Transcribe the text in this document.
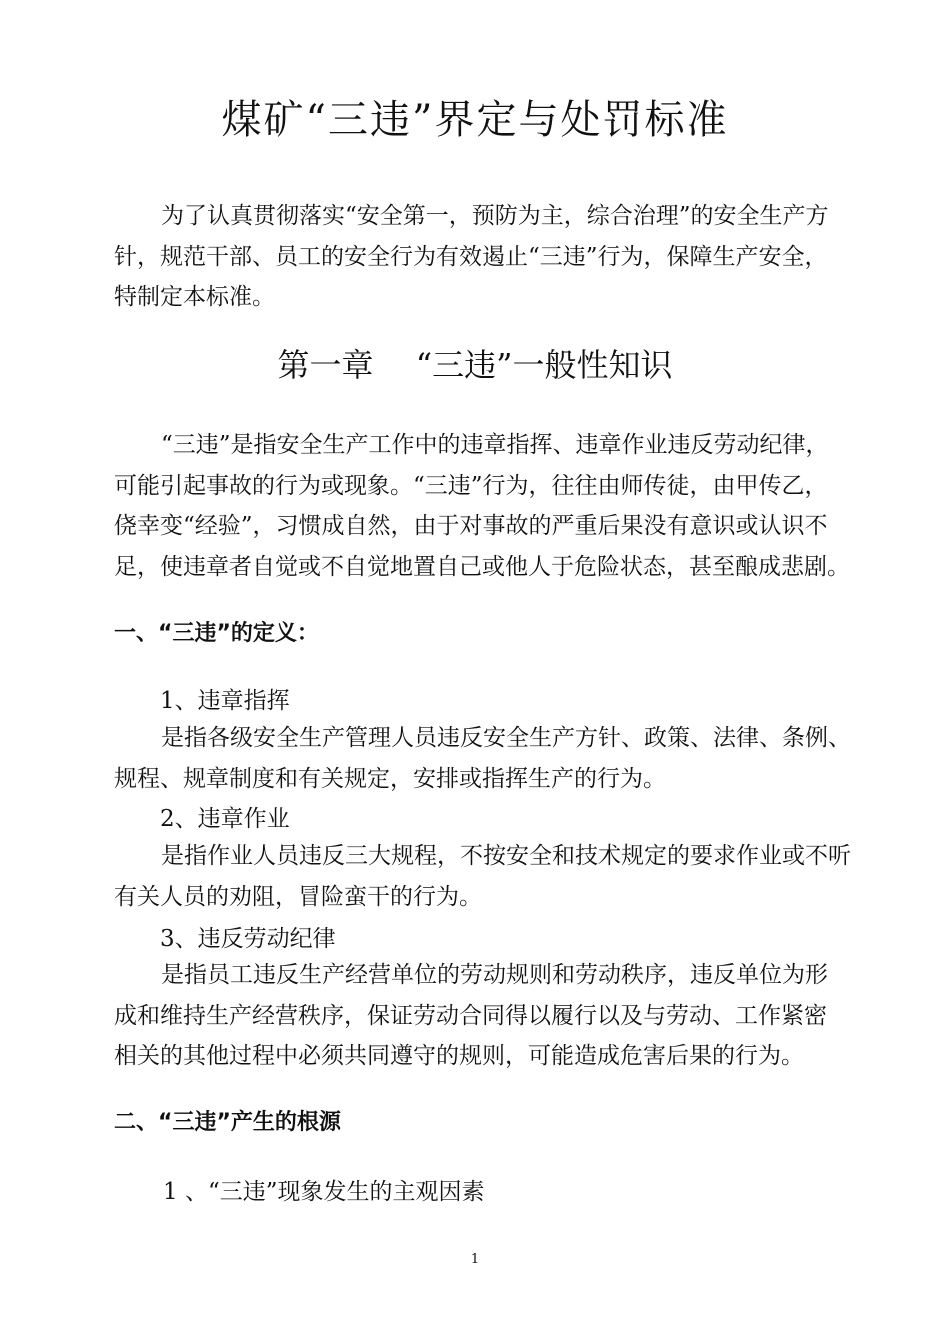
煤矿“三违”界定与处罚标准
为了认真贯彻落实“安全第一，预防为主，综合治理”的安全生产方
针，规范干部、员工的安全行为有效遏止“三违”行为，保障生产安全，
特制定本标准。
第一章　 “三违”一般性知识
“三违”是指安全生产工作中的违章指挥、违章作业违反劳动纪律，
可能引起事故的行为或现象。“三违”行为，往往由师传徒，由甲传乙，
侥幸变“经验”，习惯成自然，由于对事故的严重后果没有意识或认识不
足，使违章者自觉或不自觉地置自己或他人于危险状态，甚至酿成悲剧。
一、“三违”的定义：
1、违章指挥
是指各级安全生产管理人员违反安全生产方针、政策、法律、条例、
规程、规章制度和有关规定，安排或指挥生产的行为。
2、违章作业
是指作业人员违反三大规程，不按安全和技术规定的要求作业或不听
有关人员的劝阻，冒险蛮干的行为。
3、违反劳动纪律
是指员工违反生产经营单位的劳动规则和劳动秩序，违反单位为形
成和维持生产经营秩序，保证劳动合同得以履行以及与劳动、工作紧密
相关的其他过程中必须共同遵守的规则，可能造成危害后果的行为。
二、“三违”产生的根源
1 、“三违”现象发生的主观因素
1
